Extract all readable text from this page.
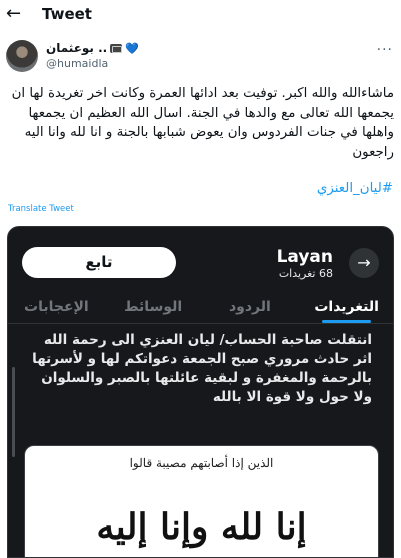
←	Tweet
بوعثمان .. 💙
@humaidla
···
ماشاءالله والله اكبر. توفيت بعد ادائها العمرة وكانت اخر تغريدة لها ان يجمعها الله تعالى مع والدها في الجنة. اسال الله العظيم ان يجمعها واهلها في جنات الفردوس وان يعوض شبابها بالجنة و انا لله وانا اليه راجعون
#ليان_العنزي
Translate Tweet
تابع	Layan
68 تغريدات
→
التغريدات
الردود
الوسائط
الإعجابات
انتقلت صاحبة الحساب/ ليان العنزي الى رحمة الله اثر حادث مروري صبح الجمعة دعواتكم لها و لأسرتها بالرحمة والمغفرة و لبقية عائلتها بالصبر والسلوان ولا حول ولا قوة الا بالله
الذين إذا أصابتهم مصيبة قالوا
إنا لله وإنا إليه
